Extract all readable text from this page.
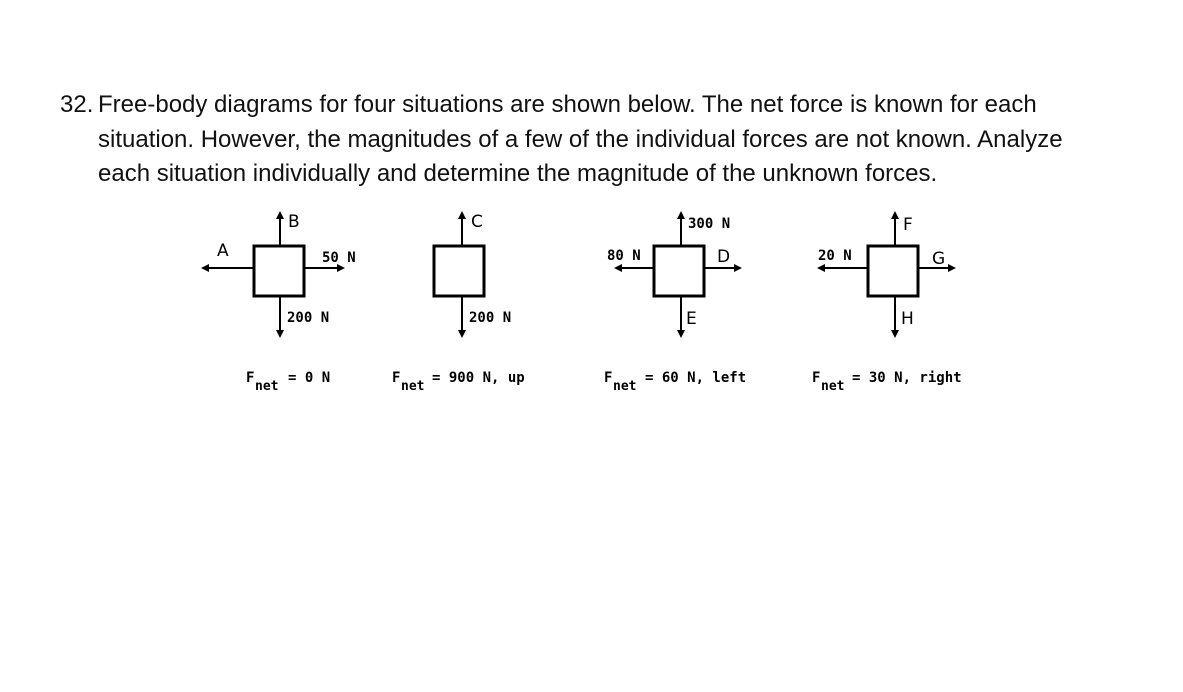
32. Free-body diagrams for four situations are shown below. The net force is known for each
situation. However, the magnitudes of a few of the individual forces are not known. Analyze
each situation individually and determine the magnitude of the unknown forces.
B
200 N
A	50 N
F
net
= 0 N
C
200 N
F
net
= 900 N, up
300 N
E
80 N	D
F
net
= 60 N, left
F
H
20 N	G
F
net
= 30 N, right
